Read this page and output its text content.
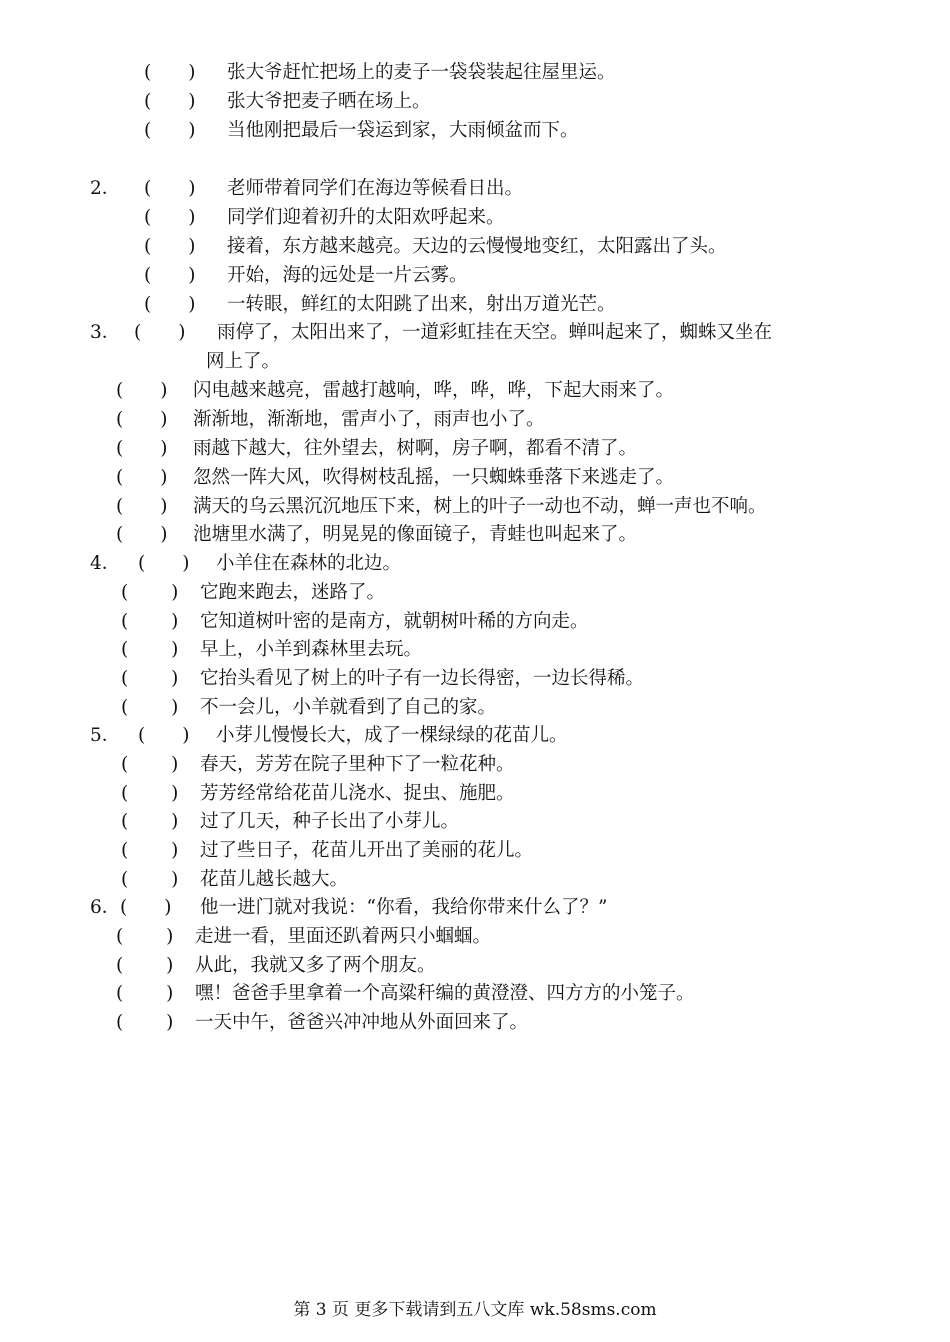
(　　) 张大爷赶忙把场上的麦子一袋袋装起往屋里运。
(　　) 张大爷把麦子晒在场上。
(　　) 当他刚把最后一袋运到家，大雨倾盆而下。
2． (　　) 老师带着同学们在海边等候看日出。
(　　) 同学们迎着初升的太阳欢呼起来。
(　　) 接着，东方越来越亮。天边的云慢慢地变红，太阳露出了头。
(　　) 开始，海的远处是一片云雾。
(　　) 一转眼，鲜红的太阳跳了出来，射出万道光芒。
3． (　　) 雨停了，太阳出来了，一道彩虹挂在天空。蝉叫起来了，蜘蛛又坐在
网上了。
(　　) 闪电越来越亮，雷越打越响，哗，哗，哗，下起大雨来了。
(　　) 渐渐地，渐渐地，雷声小了，雨声也小了。
(　　) 雨越下越大，往外望去，树啊，房子啊，都看不清了。
(　　) 忽然一阵大风，吹得树枝乱摇，一只蜘蛛垂落下来逃走了。
(　　) 满天的乌云黑沉沉地压下来，树上的叶子一动也不动，蝉一声也不响。
(　　) 池塘里水满了，明晃晃的像面镜子，青蛙也叫起来了。
4． (　　) 小羊住在森林的北边。
(　　 ) 它跑来跑去，迷路了。
(　　 ) 它知道树叶密的是南方，就朝树叶稀的方向走。
(　　 ) 早上，小羊到森林里去玩。
(　　 ) 它抬头看见了树上的叶子有一边长得密，一边长得稀。
(　　 ) 不一会儿，小羊就看到了自己的家。
5． (　　) 小芽儿慢慢长大，成了一棵绿绿的花苗儿。
(　　 ) 春天，芳芳在院子里种下了一粒花种。
(　　 ) 芳芳经常给花苗儿浇水、捉虫、施肥。
(　　 ) 过了几天，种子长出了小芽儿。
(　　 ) 过了些日子，花苗儿开出了美丽的花儿。
(　　 ) 花苗儿越长越大。
6． (　　) 他一进门就对我说：“你看，我给你带来什么了？”
(　　 ) 走进一看，里面还趴着两只小蝈蝈。
(　　 ) 从此，我就又多了两个朋友。
(　　 ) 嘿！爸爸手里拿着一个高粱秆编的黄澄澄、四方方的小笼子。
(　　 ) 一天中午，爸爸兴冲冲地从外面回来了。
第 3 页 更多下载请到五八文库 wk.58sms.com
